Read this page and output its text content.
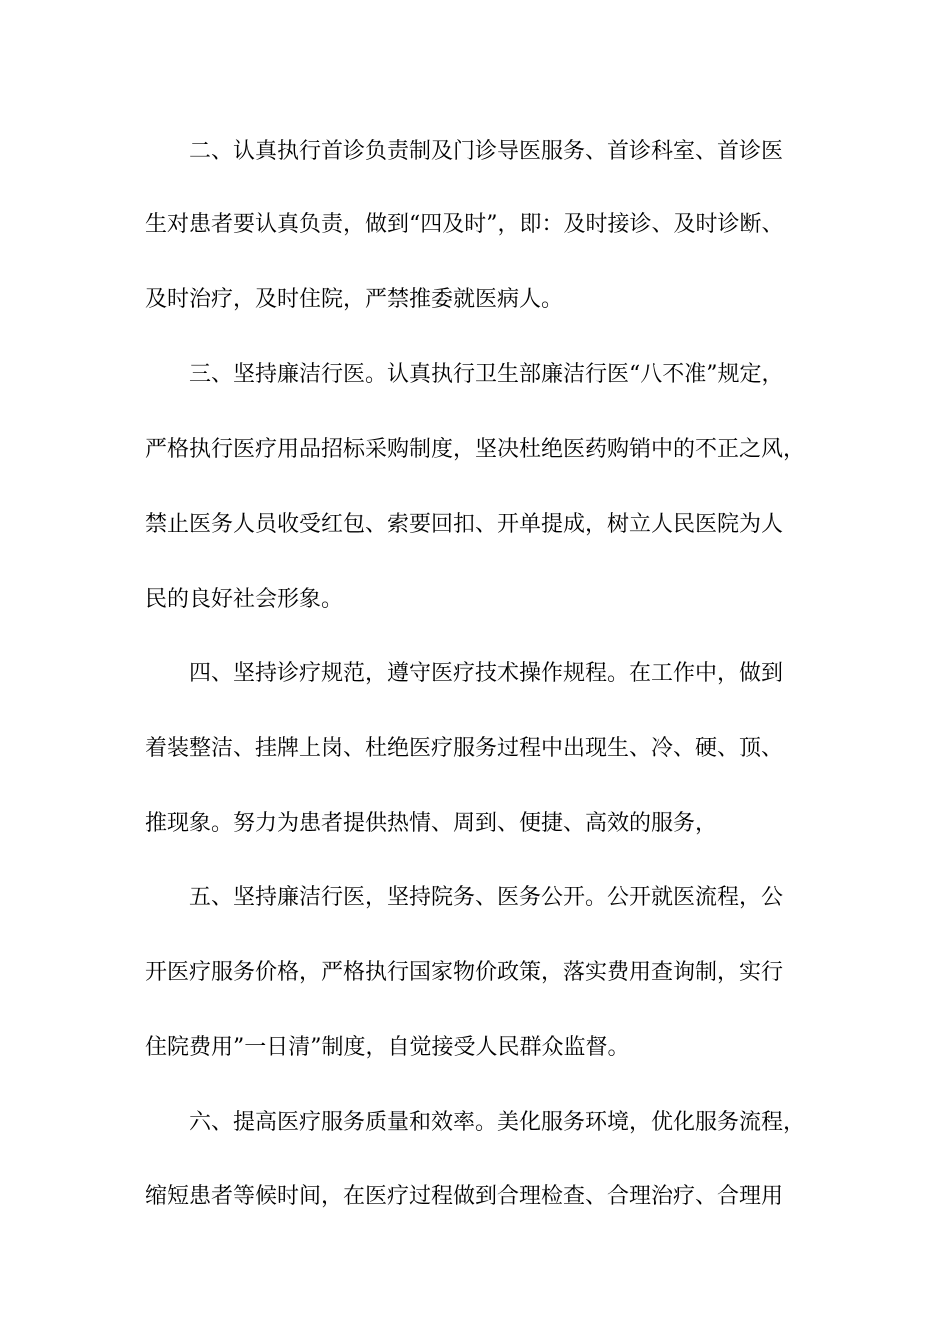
二、认真执行首诊负责制及门诊导医服务、首诊科室、首诊医
生对患者要认真负责，做到“四及时”，即：及时接诊、及时诊断、
及时治疗，及时住院，严禁推委就医病人。
三、坚持廉洁行医。认真执行卫生部廉洁行医“八不准”规定，
严格执行医疗用品招标采购制度，坚决杜绝医药购销中的不正之风，
禁止医务人员收受红包、索要回扣、开单提成，树立人民医院为人
民的良好社会形象。
四、坚持诊疗规范，遵守医疗技术操作规程。在工作中，做到
着装整洁、挂牌上岗、杜绝医疗服务过程中出现生、冷、硬、顶、
推现象。努力为患者提供热情、周到、便捷、高效的服务，
五、坚持廉洁行医，坚持院务、医务公开。公开就医流程，公
开医疗服务价格，严格执行国家物价政策，落实费用查询制，实行
住院费用”一日清”制度，自觉接受人民群众监督。
六、提高医疗服务质量和效率。美化服务环境，优化服务流程，
缩短患者等候时间，在医疗过程做到合理检查、合理治疗、合理用
